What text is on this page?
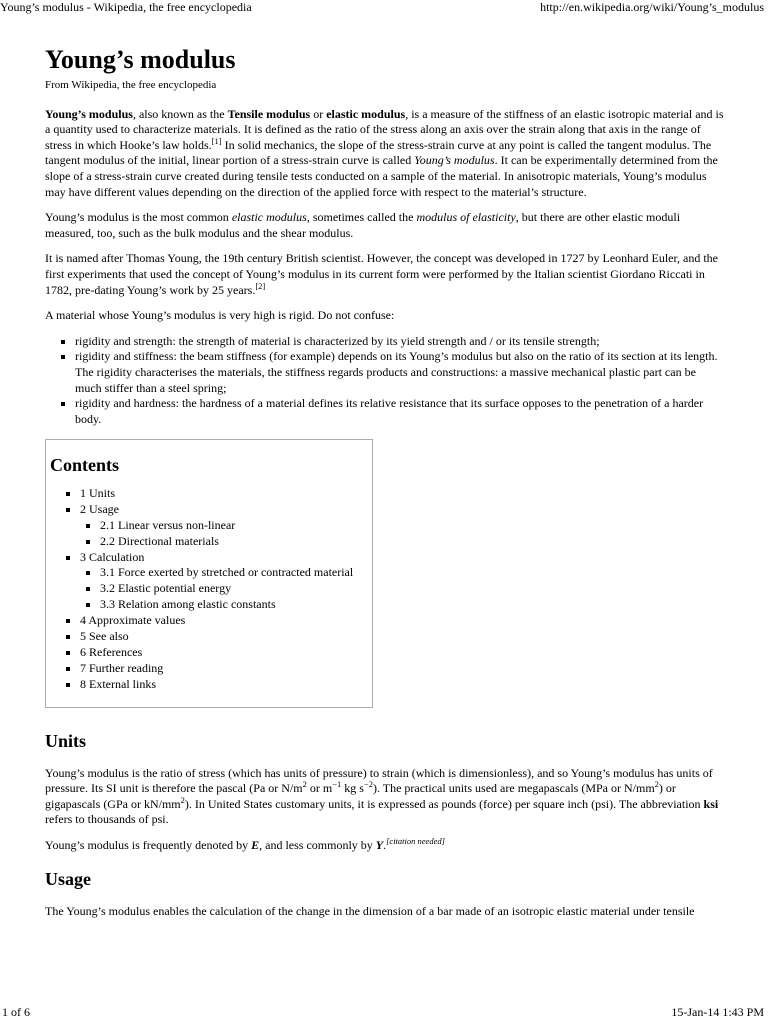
Young’s modulus - Wikipedia, the free encyclopedia	http://en.wikipedia.org/wiki/Young’s_modulus
Young’s modulus
From Wikipedia, the free encyclopedia

Young’s modulus, also known as the Tensile modulus or elastic modulus, is a measure of the stiffness of an elastic isotropic material and is a quantity used to characterize materials. It is defined as the ratio of the stress along an axis over the strain along that axis in the range of stress in which Hooke’s law holds.[1] In solid mechanics, the slope of the stress-strain curve at any point is called the tangent modulus. The tangent modulus of the initial, linear portion of a stress-strain curve is called Young’s modulus. It can be experimentally determined from the slope of a stress-strain curve created during tensile tests conducted on a sample of the material. In anisotropic materials, Young’s modulus may have different values depending on the direction of the applied force with respect to the material’s structure.

Young’s modulus is the most common elastic modulus, sometimes called the modulus of elasticity, but there are other elastic moduli measured, too, such as the bulk modulus and the shear modulus.

It is named after Thomas Young, the 19th century British scientist. However, the concept was developed in 1727 by Leonhard Euler, and the first experiments that used the concept of Young’s modulus in its current form were performed by the Italian scientist Giordano Riccati in 1782, pre-dating Young’s work by 25 years.[2]

A material whose Young’s modulus is very high is rigid. Do not confuse:

▪ rigidity and strength: the strength of material is characterized by its yield strength and / or its tensile strength;
▪ rigidity and stiffness: the beam stiffness (for example) depends on its Young’s modulus but also on the ratio of its section at its length. The rigidity characterises the materials, the stiffness regards products and constructions: a massive mechanical plastic part can be much stiffer than a steel spring;
▪ rigidity and hardness: the hardness of a material defines its relative resistance that its surface opposes to the penetration of a harder body.
Contents
▪ 1 Units
▪ 2 Usage
▪ 2.1 Linear versus non-linear
▪ 2.2 Directional materials
▪ 3 Calculation
▪ 3.1 Force exerted by stretched or contracted material
▪ 3.2 Elastic potential energy
▪ 3.3 Relation among elastic constants
▪ 4 Approximate values
▪ 5 See also
▪ 6 References
▪ 7 Further reading
▪ 8 External links
Units

Young’s modulus is the ratio of stress (which has units of pressure) to strain (which is dimensionless), and so Young’s modulus has units of pressure. Its SI unit is therefore the pascal (Pa or $N/m^2$ or $m^{-1}$ kg $s^{-2}$). The practical units used are megapascals (MPa or $N/mm^2$) or gigapascals (GPa or $kN/mm^2$). In United States customary units, it is expressed as pounds (force) per square inch (psi). The abbreviation ksi refers to thousands of psi.

Young’s modulus is frequently denoted by E, and less commonly by Y.[citation needed]

Usage

The Young’s modulus enables the calculation of the change in the dimension of a bar made of an isotropic elastic material under tensile

1 of 6	15-Jan-14 1:43 PM
